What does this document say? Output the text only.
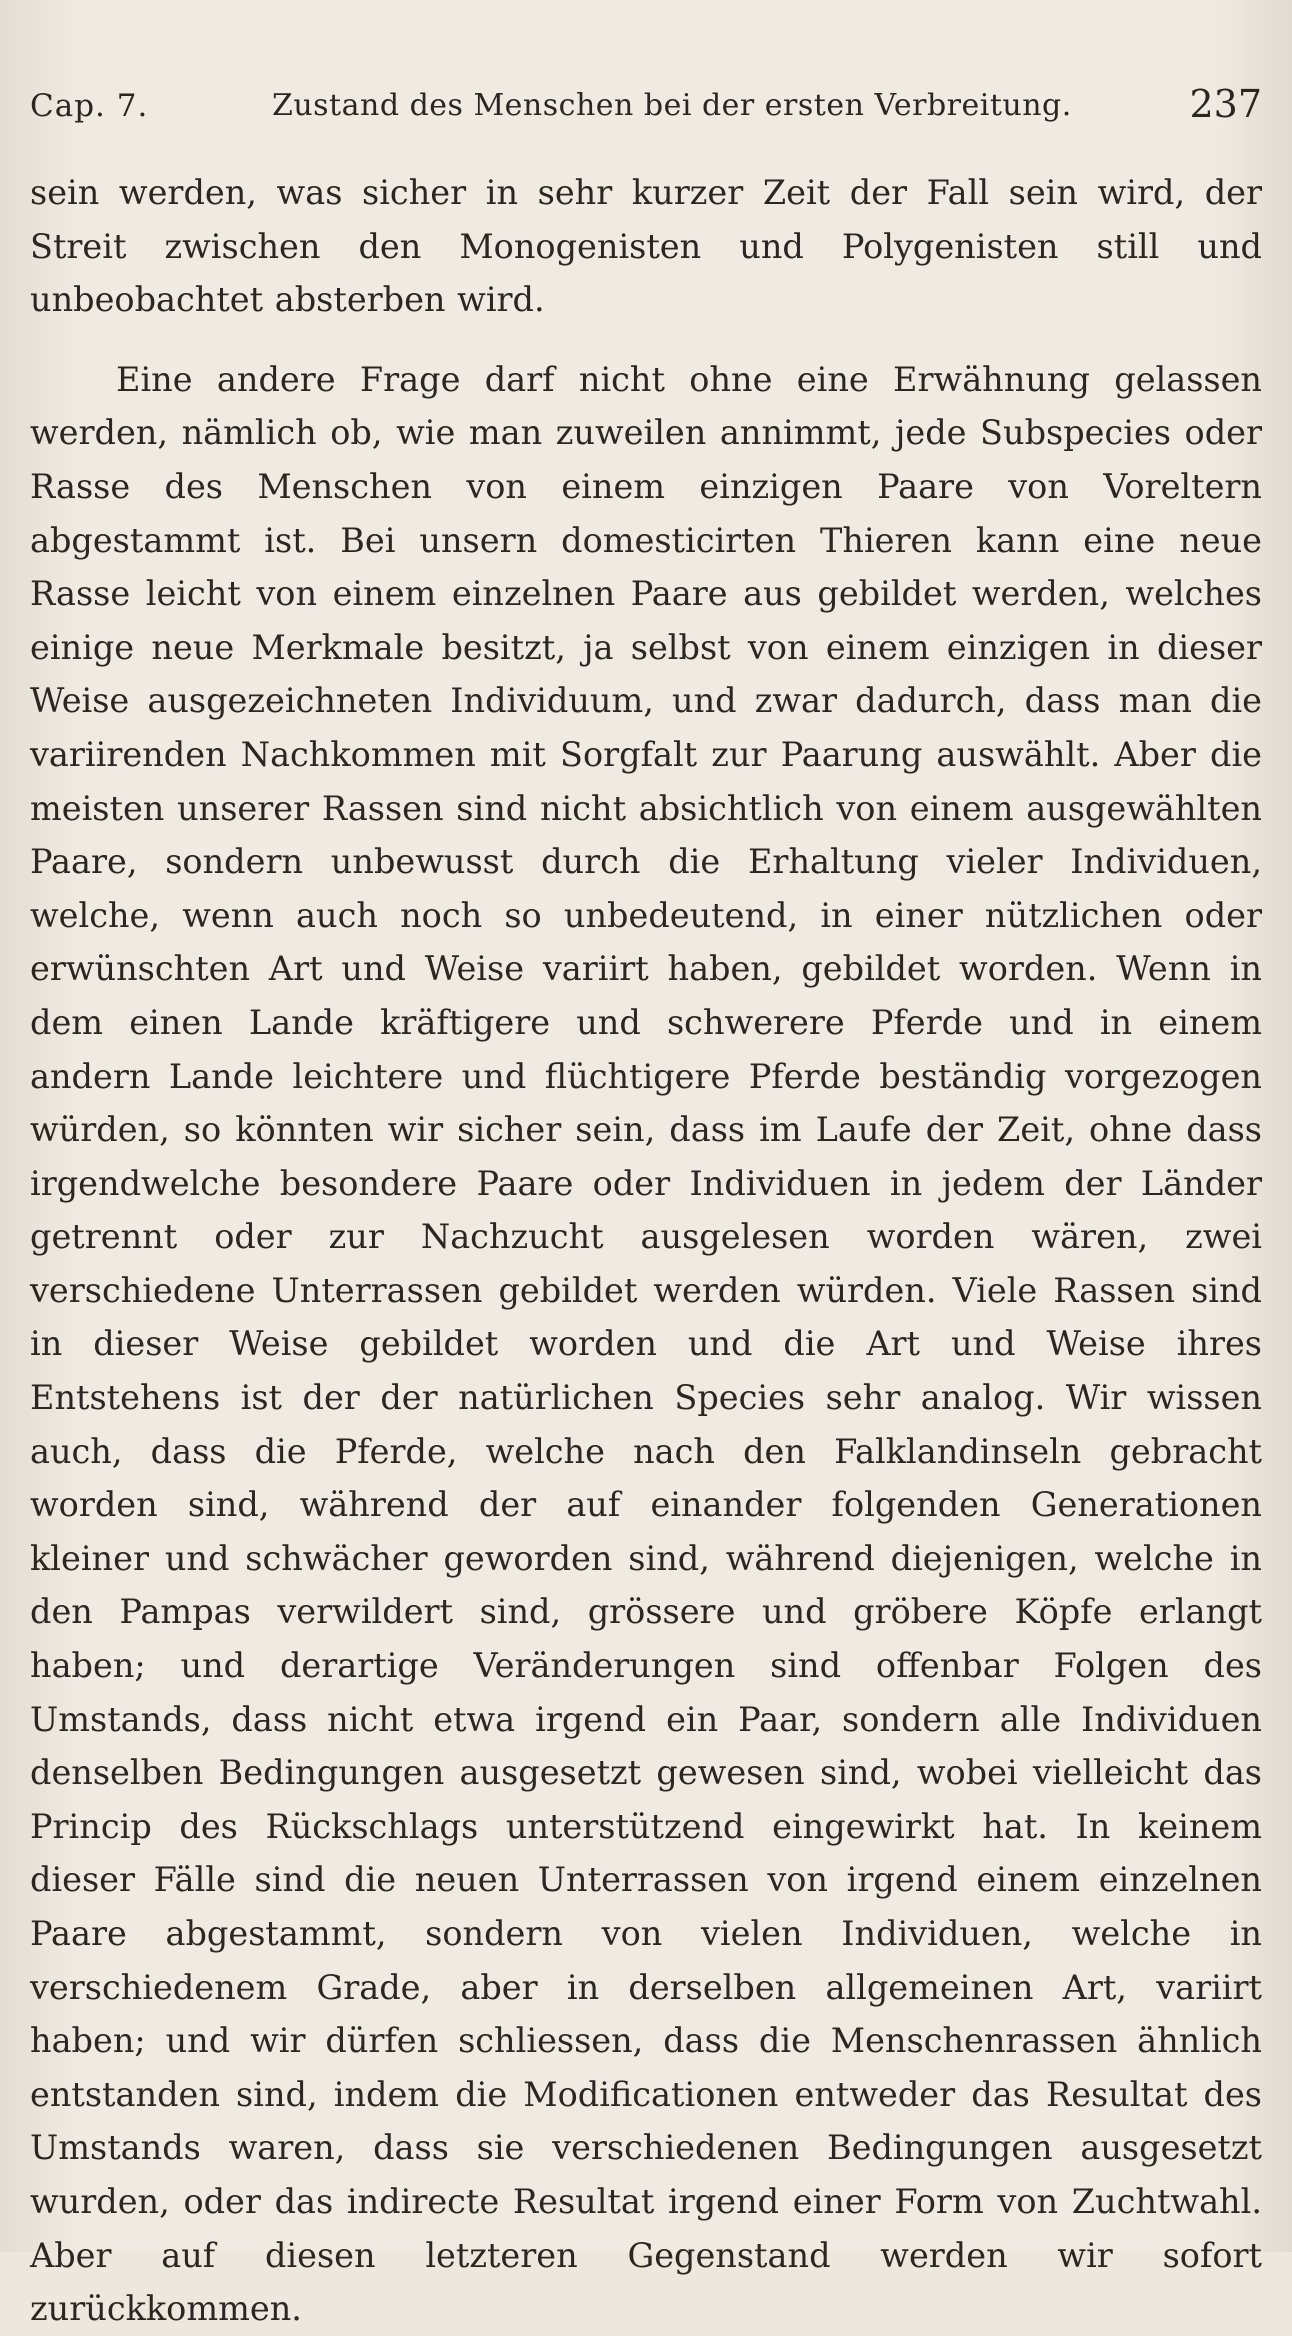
Cap. 7.	Zustand des Menschen bei der ersten Verbreitung.	237

sein werden, was sicher in sehr kurzer Zeit der Fall sein wird, der Streit zwischen den Monogenisten und Polygenisten still und unbeobachtet absterben wird.

Eine andere Frage darf nicht ohne eine Erwähnung gelassen werden, nämlich ob, wie man zuweilen annimmt, jede Subspecies oder Rasse des Menschen von einem einzigen Paare von Voreltern abgestammt ist. Bei unsern domesticirten Thieren kann eine neue Rasse leicht von einem einzelnen Paare aus gebildet werden, welches einige neue Merkmale besitzt, ja selbst von einem einzigen in dieser Weise ausgezeichneten Individuum, und zwar dadurch, dass man die variirenden Nachkommen mit Sorgfalt zur Paarung auswählt. Aber die meisten unserer Rassen sind nicht absichtlich von einem ausgewählten Paare, sondern unbewusst durch die Erhaltung vieler Individuen, welche, wenn auch noch so unbedeutend, in einer nützlichen oder erwünschten Art und Weise variirt haben, gebildet worden. Wenn in dem einen Lande kräftigere und schwerere Pferde und in einem andern Lande leichtere und flüchtigere Pferde beständig vorgezogen würden, so könnten wir sicher sein, dass im Laufe der Zeit, ohne dass irgendwelche besondere Paare oder Individuen in jedem der Länder getrennt oder zur Nachzucht ausgelesen worden wären, zwei verschiedene Unterrassen gebildet werden würden. Viele Rassen sind in dieser Weise gebildet worden und die Art und Weise ihres Entstehens ist der der natürlichen Species sehr analog. Wir wissen auch, dass die Pferde, welche nach den Falklandinseln gebracht worden sind, während der auf einander folgenden Generationen kleiner und schwächer geworden sind, während diejenigen, welche in den Pampas verwildert sind, grössere und gröbere Köpfe erlangt haben; und derartige Veränderungen sind offenbar Folgen des Umstands, dass nicht etwa irgend ein Paar, sondern alle Individuen denselben Bedingungen ausgesetzt gewesen sind, wobei vielleicht das Princip des Rückschlags unterstützend eingewirkt hat. In keinem dieser Fälle sind die neuen Unterrassen von irgend einem einzelnen Paare abgestammt, sondern von vielen Individuen, welche in verschiedenem Grade, aber in derselben allgemeinen Art, variirt haben; und wir dürfen schliessen, dass die Menschenrassen ähnlich entstanden sind, indem die Modificationen entweder das Resultat des Umstands waren, dass sie verschiedenen Bedingungen ausgesetzt wurden, oder das indirecte Resultat irgend einer Form von Zuchtwahl. Aber auf diesen letzteren Gegenstand werden wir sofort zurückkommen.
